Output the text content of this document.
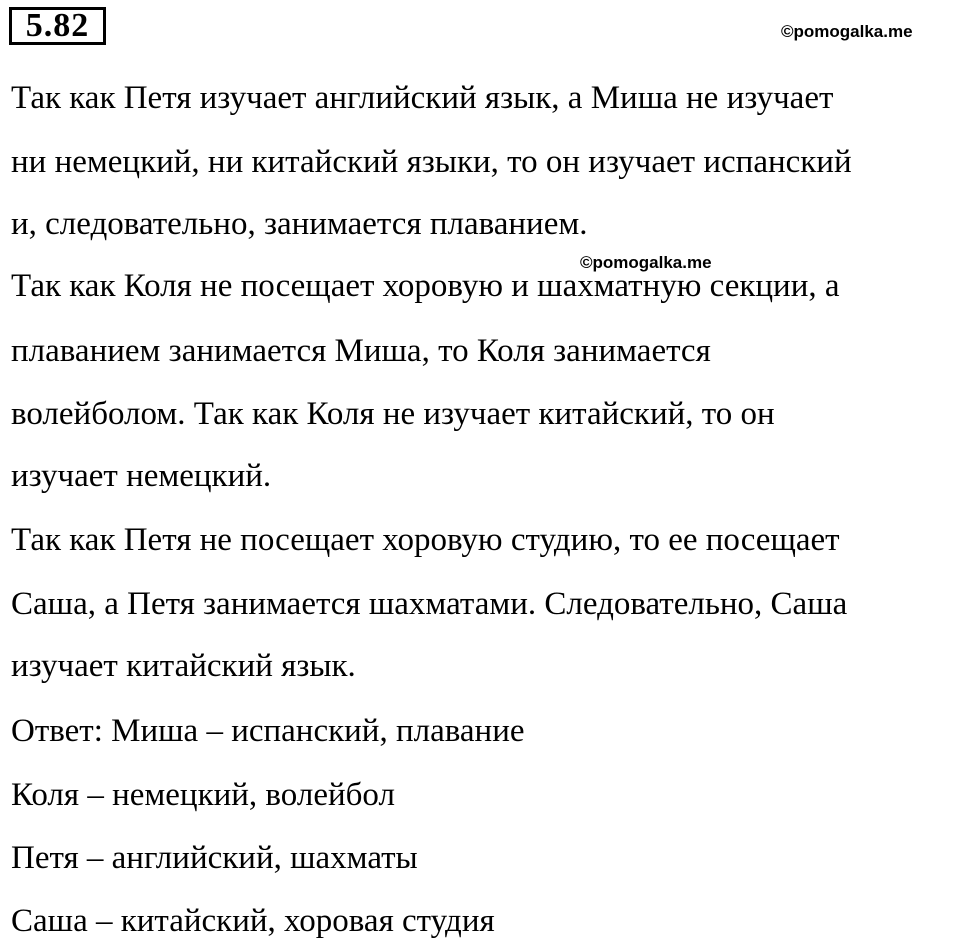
5.82	©pomogalka.me
©pomogalka.me
Так как Петя изучает английский язык, а Миша не изучает
ни немецкий, ни китайский языки, то он изучает испанский
и, следовательно, занимается плаванием.
Так как Коля не посещает хоровую и шахматную секции, а
плаванием занимается Миша, то Коля занимается
волейболом. Так как Коля не изучает китайский, то он
изучает немецкий.
Так как Петя не посещает хоровую студию, то ее посещает
Саша, а Петя занимается шахматами. Следовательно, Саша
изучает китайский язык.
Ответ: Миша – испанский, плавание
Коля – немецкий, волейбол
Петя – английский, шахматы
Саша – китайский, хоровая студия
